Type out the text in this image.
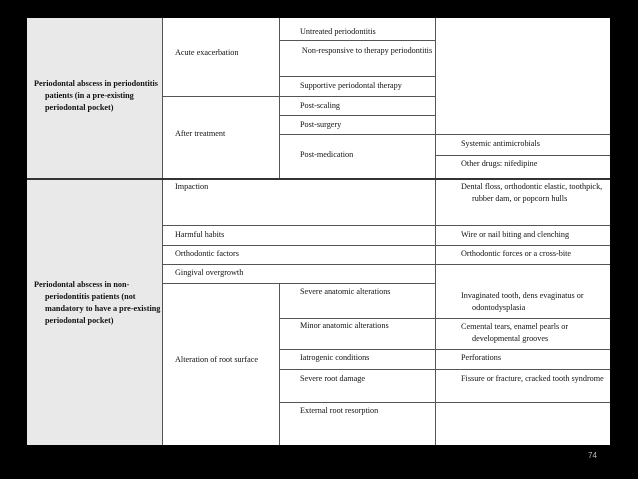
Periodontal abscess in periodontitis patients (in a pre-existing periodontal pocket)
Periodontal abscess in non-periodontitis patients (not mandatory to have a pre-existing periodontal pocket)
Acute exacerbation
After treatment
Impaction
Harmful habits
Orthodontic factors
Gingival overgrowth
Alteration of root surface
Untreated periodontitis
Non-responsive to therapy periodontitis
Supportive periodontal therapy
Post-scaling
Post-surgery
Post-medication
Severe anatomic alterations
Minor anatomic alterations
Iatrogenic conditions
Severe root damage
External root resorption
Systemic antimicrobials
Other drugs: nifedipine
Dental floss, orthodontic elastic, toothpick, rubber dam, or popcorn hulls
Wire or nail biting and clenching
Orthodontic forces or a cross-bite
Invaginated tooth, dens evaginatus or odontodysplasia
Cemental tears, enamel pearls or developmental grooves
Perforations
Fissure or fracture, cracked tooth syndrome
74
